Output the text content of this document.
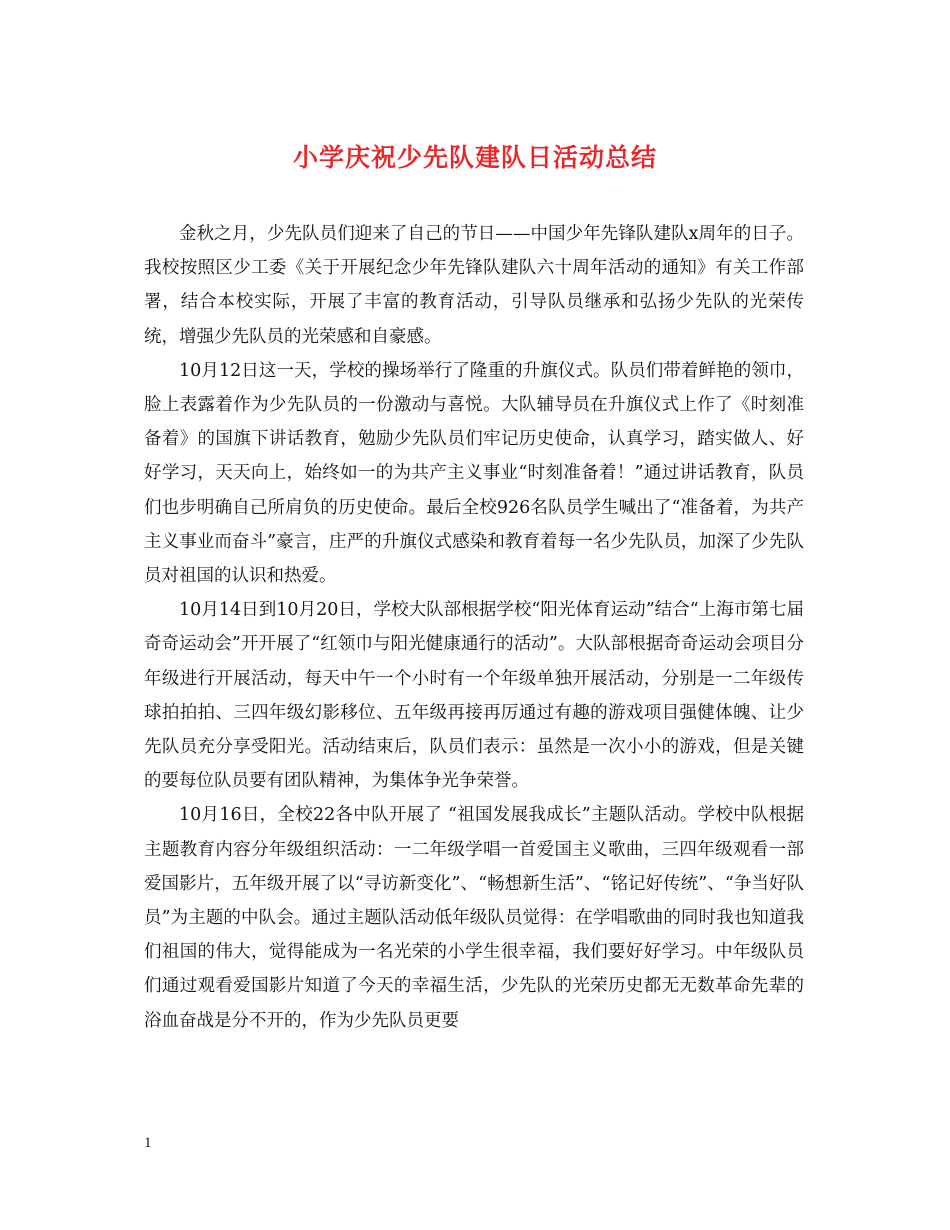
小学庆祝少先队建队日活动总结

金秋之月，少先队员们迎来了自己的节日——中国少年先锋队建队x周年的日子。我校按照区少工委《关于开展纪念少年先锋队建队六十周年活动的通知》有关工作部署，结合本校实际，开展了丰富的教育活动，引导队员继承和弘扬少先队的光荣传统，增强少先队员的光荣感和自豪感。

10月12日这一天，学校的操场举行了隆重的升旗仪式。队员们带着鲜艳的领巾，脸上表露着作为少先队员的一份激动与喜悦。大队辅导员在升旗仪式上作了《时刻准备着》的国旗下讲话教育，勉励少先队员们牢记历史使命，认真学习，踏实做人、好好学习，天天向上，始终如一的为共产主义事业“时刻准备着！”通过讲话教育，队员们也步明确自己所肩负的历史使命。最后全校926名队员学生喊出了“准备着，为共产主义事业而奋斗”豪言，庄严的升旗仪式感染和教育着每一名少先队员，加深了少先队员对祖国的认识和热爱。

10月14日到10月20日，学校大队部根据学校“阳光体育运动”结合“上海市第七届奇奇运动会”开开展了“红领巾与阳光健康通行的活动”。大队部根据奇奇运动会项目分年级进行开展活动，每天中午一个小时有一个年级单独开展活动，分别是一二年级传球拍拍拍、三四年级幻影移位、五年级再接再厉通过有趣的游戏项目强健体魄、让少先队员充分享受阳光。活动结束后，队员们表示：虽然是一次小小的游戏，但是关键的要每位队员要有团队精神，为集体争光争荣誉。

10月16日，全校22各中队开展了 “祖国发展我成长”主题队活动。学校中队根据主题教育内容分年级组织活动：一二年级学唱一首爱国主义歌曲，三四年级观看一部爱国影片，五年级开展了以“寻访新变化”、“畅想新生活”、“铭记好传统”、“争当好队员”为主题的中队会。通过主题队活动低年级队员觉得：在学唱歌曲的同时我也知道我们祖国的伟大，觉得能成为一名光荣的小学生很幸福，我们要好好学习。中年级队员们通过观看爱国影片知道了今天的幸福生活，少先队的光荣历史都无无数革命先辈的浴血奋战是分不开的，作为少先队员更要

1
